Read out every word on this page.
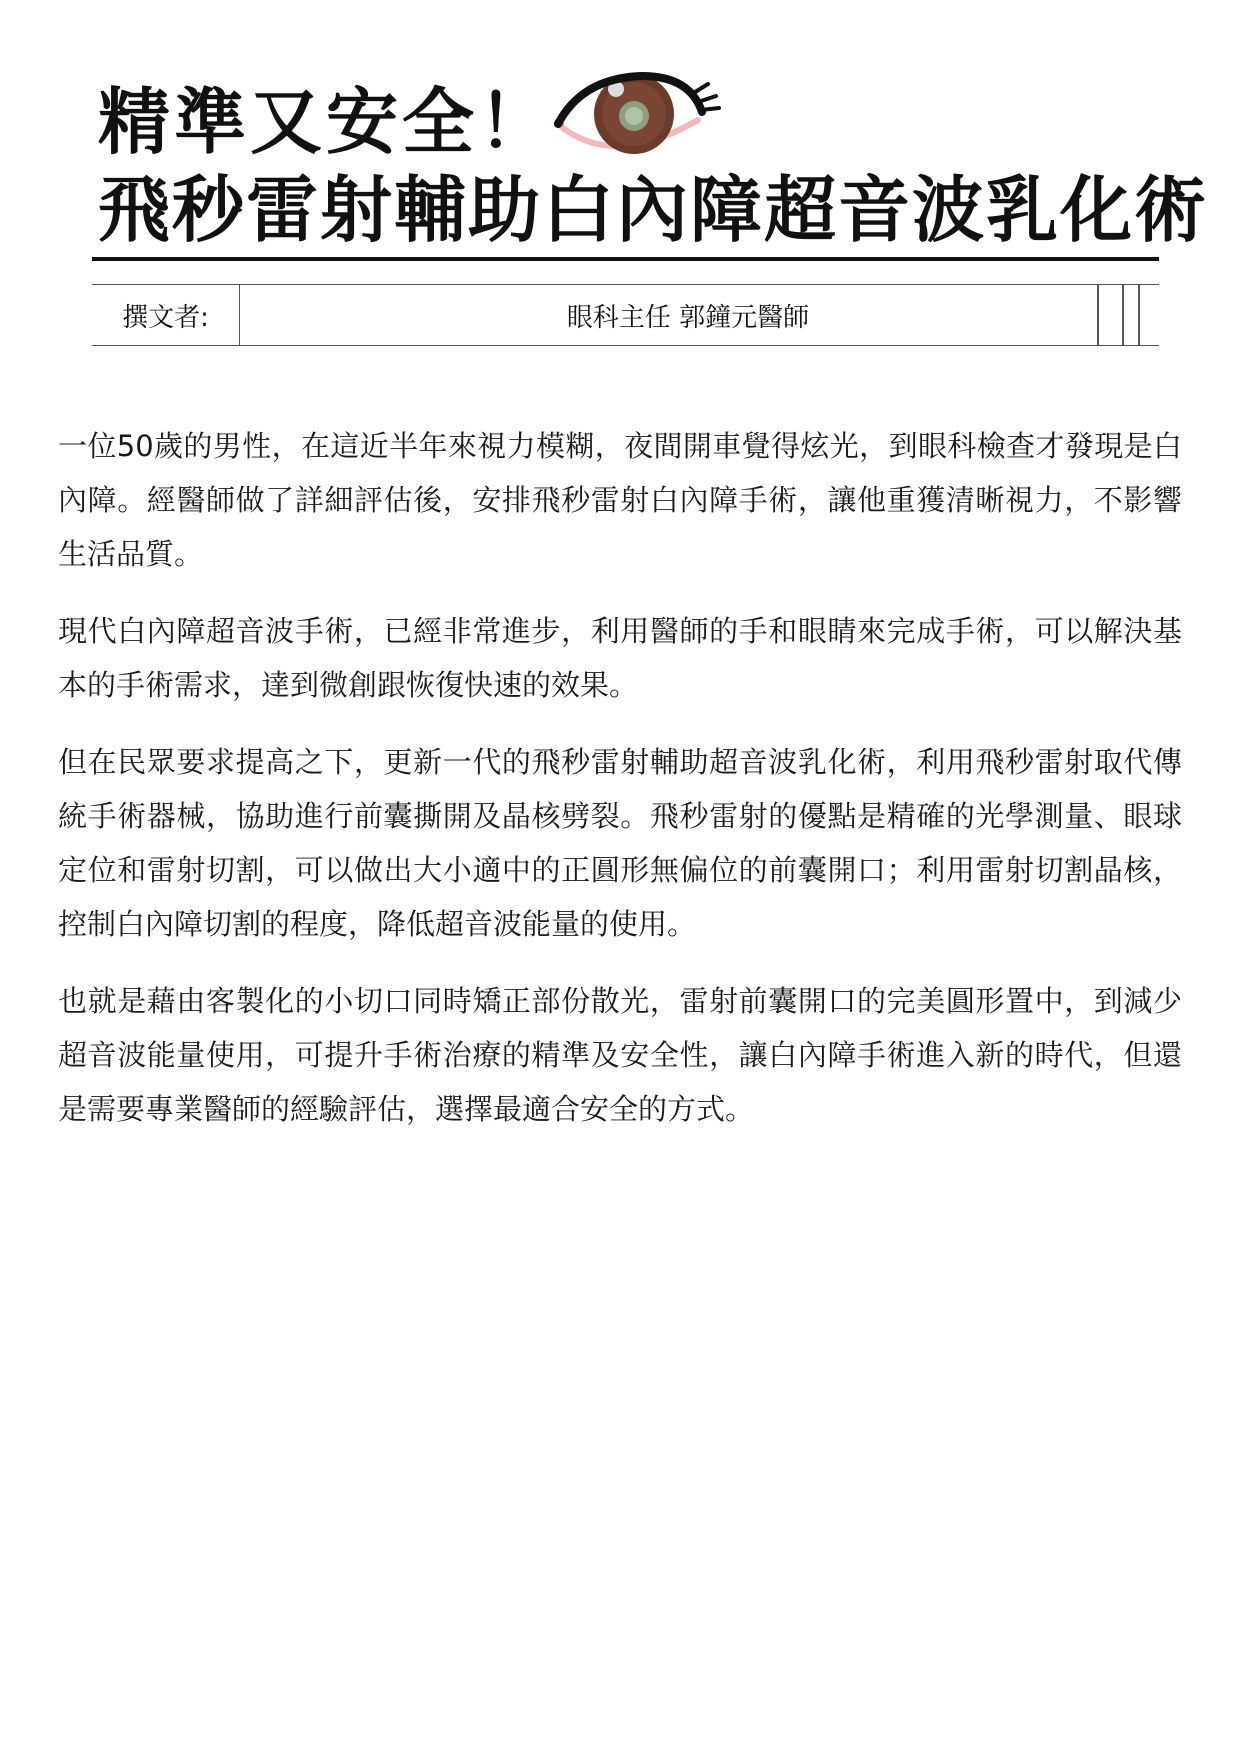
精準又安全！
飛秒雷射輔助白內障超音波乳化術
撰文者:	眼科主任 郭鐘元醫師

一位50歲的男性，在這近半年來視力模糊，夜間開車覺得炫光，到眼科檢查才發現是白內障。經醫師做了詳細評估後，安排飛秒雷射白內障手術，讓他重獲清晰視力，不影響生活品質。

現代白內障超音波手術，已經非常進步，利用醫師的手和眼睛來完成手術，可以解決基本的手術需求，達到微創跟恢復快速的效果。

但在民眾要求提高之下，更新一代的飛秒雷射輔助超音波乳化術，利用飛秒雷射取代傳統手術器械，協助進行前囊撕開及晶核劈裂。飛秒雷射的優點是精確的光學測量、眼球定位和雷射切割，可以做出大小適中的正圓形無偏位的前囊開口；利用雷射切割晶核，控制白內障切割的程度，降低超音波能量的使用。

也就是藉由客製化的小切口同時矯正部份散光，雷射前囊開口的完美圓形置中，到減少超音波能量使用，可提升手術治療的精準及安全性，讓白內障手術進入新的時代，但還是需要專業醫師的經驗評估，選擇最適合安全的方式。
